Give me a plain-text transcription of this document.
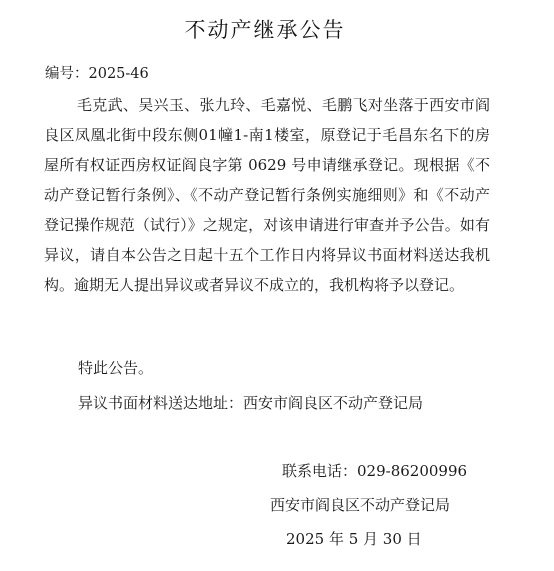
不动产继承公告
编号：2025-46

毛克武、吴兴玉、张九玲、毛嘉悦、毛鹏飞对坐落于西安市阎良区凤凰北街中段东侧01幢1-南1楼室，原登记于毛昌东名下的房屋所有权证西房权证阎良字第 0629 号申请继承登记。现根据《不动产登记暂行条例》、《不动产登记暂行条例实施细则》和《不动产登记操作规范（试行）》之规定，对该申请进行审查并予公告。如有异议，请自本公告之日起十五个工作日内将异议书面材料送达我机构。逾期无人提出异议或者异议不成立的，我机构将予以登记。

特此公告。
异议书面材料送达地址：西安市阎良区不动产登记局
联系电话：029-86200996
西安市阎良区不动产登记局
2025 年 5 月 30 日
